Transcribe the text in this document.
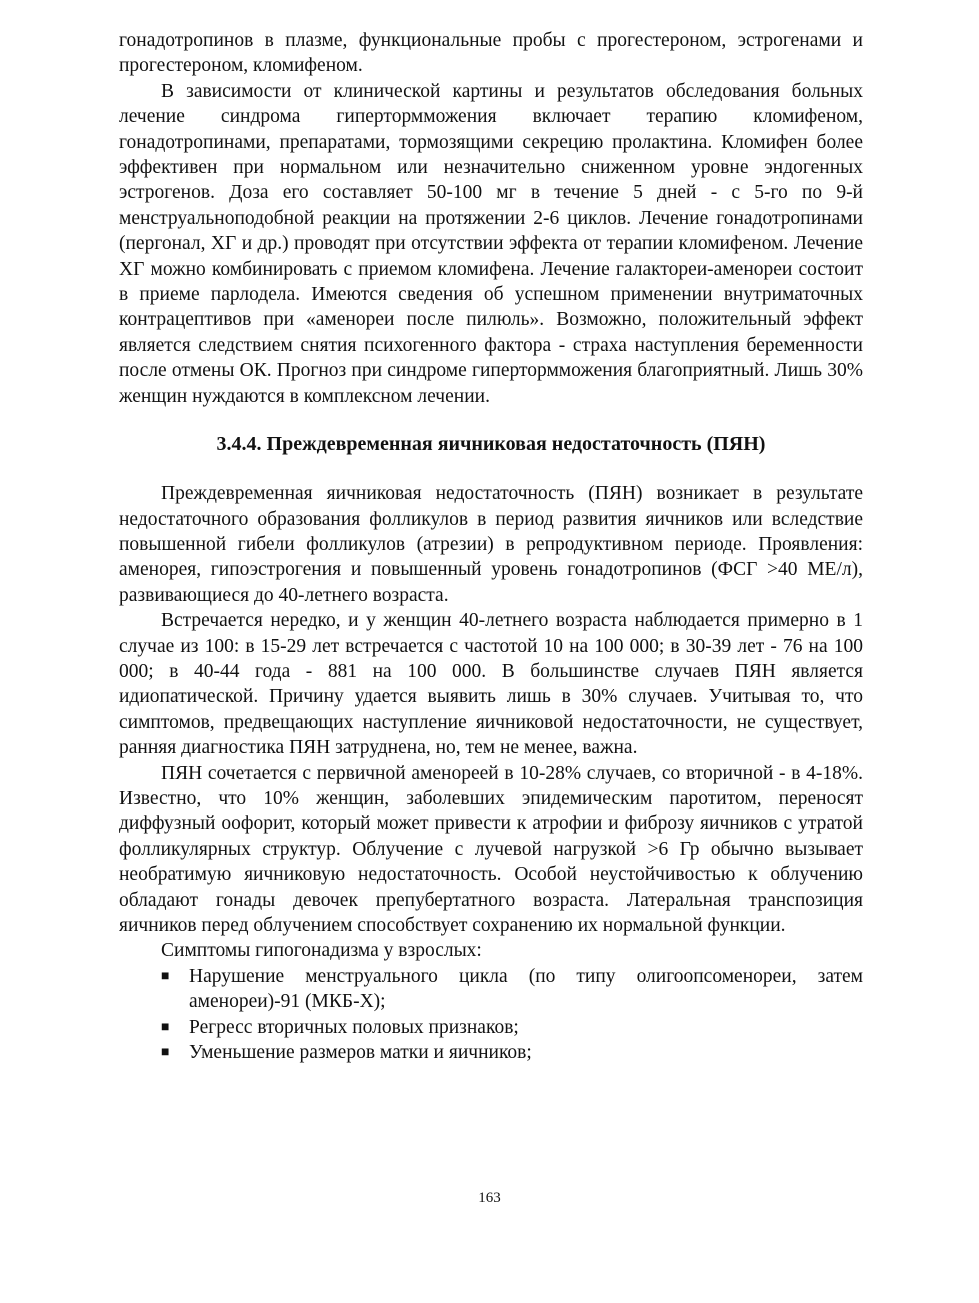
гонадотропинов в плазме, функциональные пробы с прогестероном, эстрогенами и прогестероном, кломифеном.

В зависимости от клинической картины и результатов обследования больных лечение синдрома гипертормможения включает терапию кломифеном, гонадотропинами, препаратами, тормозящими секрецию пролактина. Кломифен более эффективен при нормальном или незначительно сниженном уровне эндогенных эстрогенов. Доза его составляет 50-100 мг в течение 5 дней - с 5-го по 9-й менструальноподобной реакции на протяжении 2-6 циклов. Лечение гонадотропинами (пергонал, ХГ и др.) проводят при отсутствии эффекта от терапии кломифеном. Лечение ХГ можно комбинировать с приемом кломифена. Лечение галактореи-аменореи состоит в приеме парлодела. Имеются сведения об успешном применении внутриматочных контрацептивов при «аменореи после пилюль». Возможно, положительный эффект является следствием снятия психогенного фактора - страха наступления беременности после отмены ОК. Прогноз при синдроме гипертормможения благоприятный. Лишь 30% женщин нуждаются в комплексном лечении.

3.4.4. Преждевременная яичниковая недостаточность (ПЯН)

Преждевременная яичниковая недостаточность (ПЯН) возникает в результате недостаточного образования фолликулов в период развития яичников или вследствие повышенной гибели фолликулов (атрезии) в репродуктивном периоде. Проявления: аменорея, гипоэстрогения и повышенный уровень гонадотропинов (ФСГ >40 МЕ/л), развивающиеся до 40-летнего возраста.

Встречается нередко, и у женщин 40-летнего возраста наблюдается примерно в 1 случае из 100: в 15-29 лет встречается с частотой 10 на 100 000; в 30-39 лет - 76 на 100 000; в 40-44 года - 881 на 100 000. В большинстве случаев ПЯН является идиопатической. Причину удается выявить лишь в 30% случаев. Учитывая то, что симптомов, предвещающих наступление яичниковой недостаточности, не существует, ранняя диагностика ПЯН затруднена, но, тем не менее, важна.

ПЯН сочетается с первичной аменореей в 10-28% случаев, со вторичной - в 4-18%. Известно, что 10% женщин, заболевших эпидемическим паротитом, переносят диффузный оофорит, который может привести к атрофии и фиброзу яичников с утратой фолликулярных структур. Облучение с лучевой нагрузкой >6 Гр обычно вызывает необратимую яичниковую недостаточность. Особой неустойчивостью к облучению обладают гонады девочек препубертатного возраста. Латеральная транспозиция яичников перед облучением способствует сохранению их нормальной функции.

Симптомы гипогонадизма у взрослых:

■ Нарушение менструального цикла (по типу олигоопсоменореи, затем аменореи)-91 (МКБ-Х);
■ Регресс вторичных половых признаков;
■ Уменьшение размеров матки и яичников;
163
